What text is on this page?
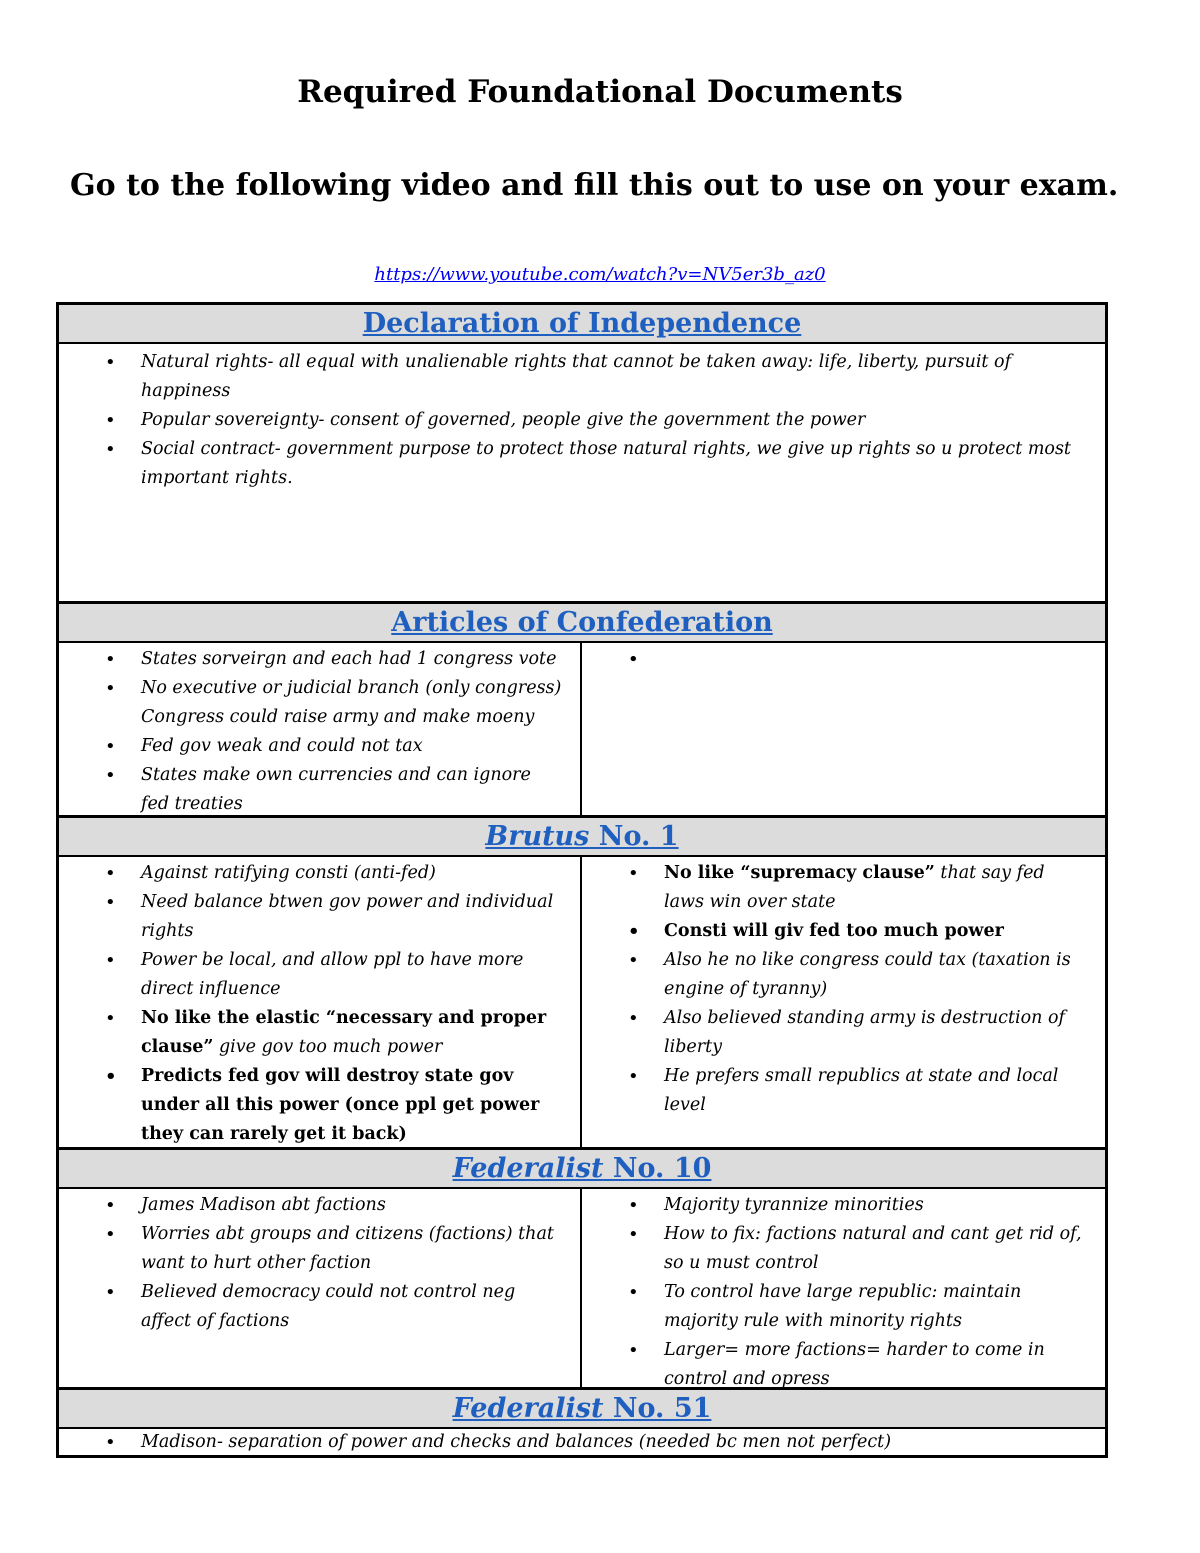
Required Foundational Documents
Go to the following video and fill this out to use on your exam.
https://www.youtube.com/watch?v=NV5er3b_az0
Declaration of Independence
• Natural rights- all equal with unalienable rights that cannot be taken away: life, liberty, pursuit of happiness
• Popular sovereignty- consent of governed, people give the government the power
• Social contract- government purpose to protect those natural rights, we give up rights so u protect most important rights.
Articles of Confederation
• States sorveirgn and each had 1 congress vote
• No executive or judicial branch (only congress)
Congress could raise army and make moeny
• Fed gov weak and could not tax
• States make own currencies and can ignore fed treaties
Brutus No. 1
• Against ratifying consti (anti-fed)
• Need balance btwen gov power and individual rights
• Power be local, and allow ppl to have more direct influence
• No like the elastic “necessary and proper clause” give gov too much power
• Predicts fed gov will destroy state gov under all this power (once ppl get power they can rarely get it back)
• No like “supremacy clause” that say fed laws win over state
• Consti will giv fed too much power
• Also he no like congress could tax (taxation is engine of tyranny)
• Also believed standing army is destruction of liberty
• He prefers small republics at state and local level
Federalist No. 10
• James Madison abt factions
• Worries abt groups and citizens (factions) that want to hurt other faction
• Believed democracy could not control neg affect of factions
• Majority tyrannize minorities
• How to fix: factions natural and cant get rid of, so u must control
• To control have large republic: maintain majority rule with minority rights
• Larger= more factions= harder to come in control and opress
Federalist No. 51
• Madison- separation of power and checks and balances (needed bc men not perfect)
